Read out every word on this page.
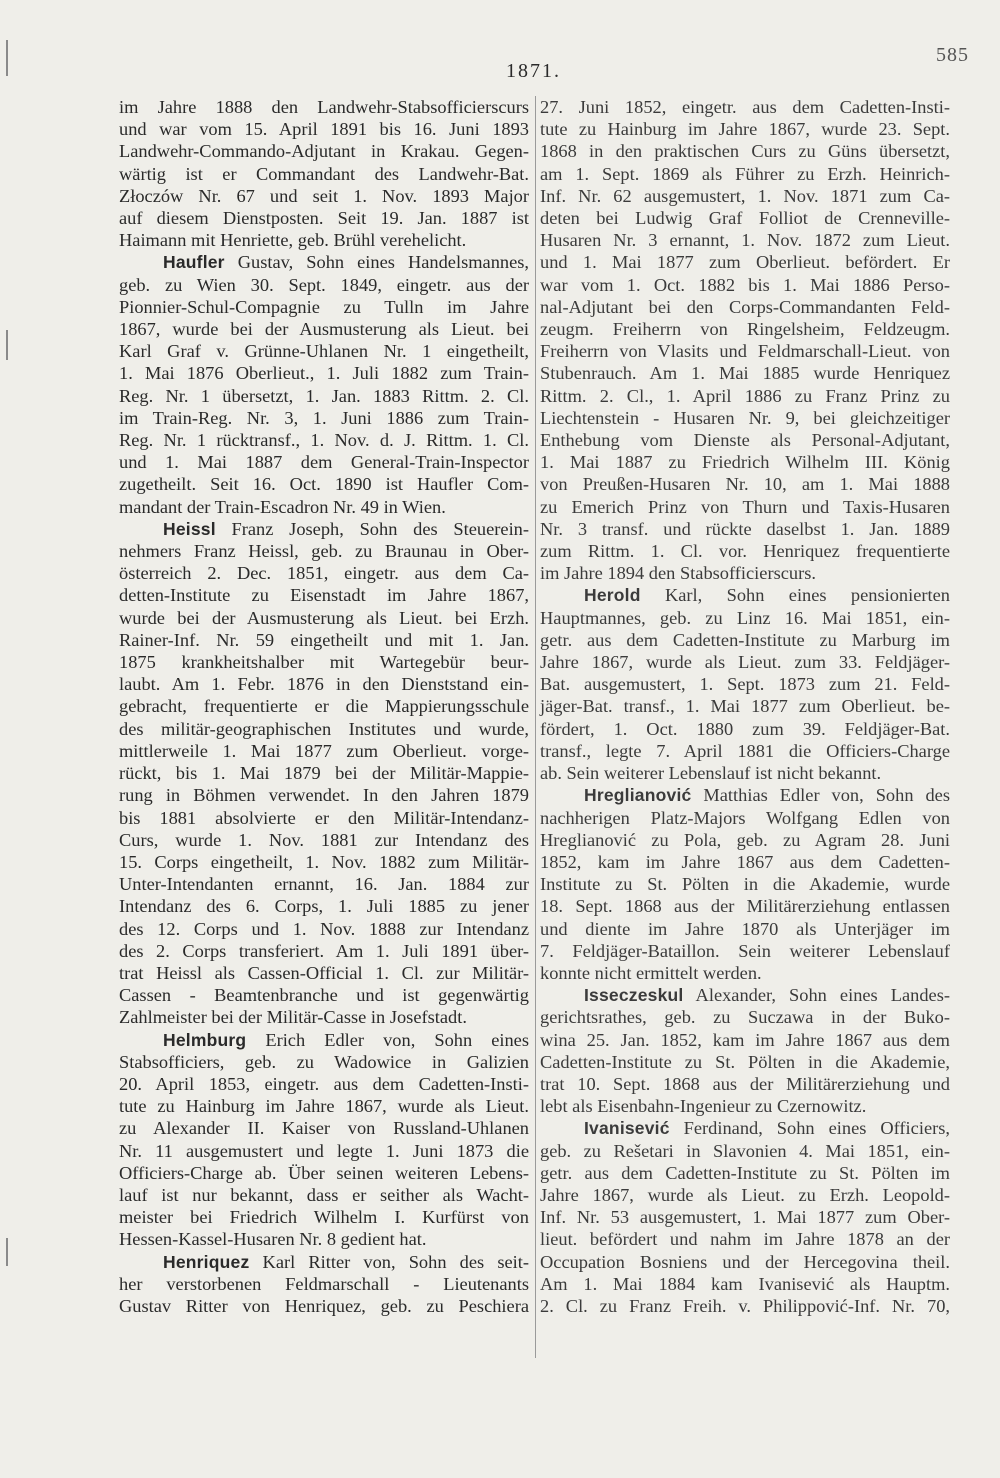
1871.
585
im Jahre 1888 den Landwehr-Stabsofficierscurs
und war vom 15. April 1891 bis 16. Juni 1893
Landwehr-Commando-Adjutant in Krakau. Gegen-
wärtig ist er Commandant des Landwehr-Bat.
Złoczów Nr. 67 und seit 1. Nov. 1893 Major
auf diesem Dienstposten. Seit 19. Jan. 1887 ist
Haimann mit Henriette, geb. Brühl verehelicht.
Haufler Gustav, Sohn eines Handelsmannes,
geb. zu Wien 30. Sept. 1849, eingetr. aus der
Pionnier-Schul-Compagnie zu Tulln im Jahre
1867, wurde bei der Ausmusterung als Lieut. bei
Karl Graf v. Grünne-Uhlanen Nr. 1 eingetheilt,
1. Mai 1876 Oberlieut., 1. Juli 1882 zum Train-
Reg. Nr. 1 übersetzt, 1. Jan. 1883 Rittm. 2. Cl.
im Train-Reg. Nr. 3, 1. Juni 1886 zum Train-
Reg. Nr. 1 rücktransf., 1. Nov. d. J. Rittm. 1. Cl.
und 1. Mai 1887 dem General-Train-Inspector
zugetheilt. Seit 16. Oct. 1890 ist Haufler Com-
mandant der Train-Escadron Nr. 49 in Wien.
Heissl Franz Joseph, Sohn des Steuerein-
nehmers Franz Heissl, geb. zu Braunau in Ober-
österreich 2. Dec. 1851, eingetr. aus dem Ca-
detten-Institute zu Eisenstadt im Jahre 1867,
wurde bei der Ausmusterung als Lieut. bei Erzh.
Rainer-Inf. Nr. 59 eingetheilt und mit 1. Jan.
1875 krankheitshalber mit Wartegebür beur-
laubt. Am 1. Febr. 1876 in den Dienststand ein-
gebracht, frequentierte er die Mappierungsschule
des militär-geographischen Institutes und wurde,
mittlerweile 1. Mai 1877 zum Oberlieut. vorge-
rückt, bis 1. Mai 1879 bei der Militär-Mappie-
rung in Böhmen verwendet. In den Jahren 1879
bis 1881 absolvierte er den Militär-Intendanz-
Curs, wurde 1. Nov. 1881 zur Intendanz des
15. Corps eingetheilt, 1. Nov. 1882 zum Militär-
Unter-Intendanten ernannt, 16. Jan. 1884 zur
Intendanz des 6. Corps, 1. Juli 1885 zu jener
des 12. Corps und 1. Nov. 1888 zur Intendanz
des 2. Corps transferiert. Am 1. Juli 1891 über-
trat Heissl als Cassen-Official 1. Cl. zur Militär-
Cassen - Beamtenbranche und ist gegenwärtig
Zahlmeister bei der Militär-Casse in Josefstadt.
Helmburg Erich Edler von, Sohn eines
Stabsofficiers, geb. zu Wadowice in Galizien
20. April 1853, eingetr. aus dem Cadetten-Insti-
tute zu Hainburg im Jahre 1867, wurde als Lieut.
zu Alexander II. Kaiser von Russland-Uhlanen
Nr. 11 ausgemustert und legte 1. Juni 1873 die
Officiers-Charge ab. Über seinen weiteren Lebens-
lauf ist nur bekannt, dass er seither als Wacht-
meister bei Friedrich Wilhelm I. Kurfürst von
Hessen-Kassel-Husaren Nr. 8 gedient hat.
Henriquez Karl Ritter von, Sohn des seit-
her verstorbenen Feldmarschall - Lieutenants
Gustav Ritter von Henriquez, geb. zu Peschiera
27. Juni 1852, eingetr. aus dem Cadetten-Insti-
tute zu Hainburg im Jahre 1867, wurde 23. Sept.
1868 in den praktischen Curs zu Güns übersetzt,
am 1. Sept. 1869 als Führer zu Erzh. Heinrich-
Inf. Nr. 62 ausgemustert, 1. Nov. 1871 zum Ca-
deten bei Ludwig Graf Folliot de Crenneville-
Husaren Nr. 3 ernannt, 1. Nov. 1872 zum Lieut.
und 1. Mai 1877 zum Oberlieut. befördert. Er
war vom 1. Oct. 1882 bis 1. Mai 1886 Perso-
nal-Adjutant bei den Corps-Commandanten Feld-
zeugm. Freiherrn von Ringelsheim, Feldzeugm.
Freiherrn von Vlasits und Feldmarschall-Lieut. von
Stubenrauch. Am 1. Mai 1885 wurde Henriquez
Rittm. 2. Cl., 1. April 1886 zu Franz Prinz zu
Liechtenstein - Husaren Nr. 9, bei gleichzeitiger
Enthebung vom Dienste als Personal-Adjutant,
1. Mai 1887 zu Friedrich Wilhelm III. König
von Preußen-Husaren Nr. 10, am 1. Mai 1888
zu Emerich Prinz von Thurn und Taxis-Husaren
Nr. 3 transf. und rückte daselbst 1. Jan. 1889
zum Rittm. 1. Cl. vor. Henriquez frequentierte
im Jahre 1894 den Stabsofficierscurs.
Herold Karl, Sohn eines pensionierten
Hauptmannes, geb. zu Linz 16. Mai 1851, ein-
getr. aus dem Cadetten-Institute zu Marburg im
Jahre 1867, wurde als Lieut. zum 33. Feldjäger-
Bat. ausgemustert, 1. Sept. 1873 zum 21. Feld-
jäger-Bat. transf., 1. Mai 1877 zum Oberlieut. be-
fördert, 1. Oct. 1880 zum 39. Feldjäger-Bat.
transf., legte 7. April 1881 die Officiers-Charge
ab. Sein weiterer Lebenslauf ist nicht bekannt.
Hreglianović Matthias Edler von, Sohn des
nachherigen Platz-Majors Wolfgang Edlen von
Hreglianović zu Pola, geb. zu Agram 28. Juni
1852, kam im Jahre 1867 aus dem Cadetten-
Institute zu St. Pölten in die Akademie, wurde
18. Sept. 1868 aus der Militärerziehung entlassen
und diente im Jahre 1870 als Unterjäger im
7. Feldjäger-Bataillon. Sein weiterer Lebenslauf
konnte nicht ermittelt werden.
Isseczeskul Alexander, Sohn eines Landes-
gerichtsrathes, geb. zu Suczawa in der Buko-
wina 25. Jan. 1852, kam im Jahre 1867 aus dem
Cadetten-Institute zu St. Pölten in die Akademie,
trat 10. Sept. 1868 aus der Militärerziehung und
lebt als Eisenbahn-Ingenieur zu Czernowitz.
Ivanisević Ferdinand, Sohn eines Officiers,
geb. zu Rešetari in Slavonien 4. Mai 1851, ein-
getr. aus dem Cadetten-Institute zu St. Pölten im
Jahre 1867, wurde als Lieut. zu Erzh. Leopold-
Inf. Nr. 53 ausgemustert, 1. Mai 1877 zum Ober-
lieut. befördert und nahm im Jahre 1878 an der
Occupation Bosniens und der Hercegovina theil.
Am 1. Mai 1884 kam Ivanisević als Hauptm.
2. Cl. zu Franz Freih. v. Philippović-Inf. Nr. 70,
